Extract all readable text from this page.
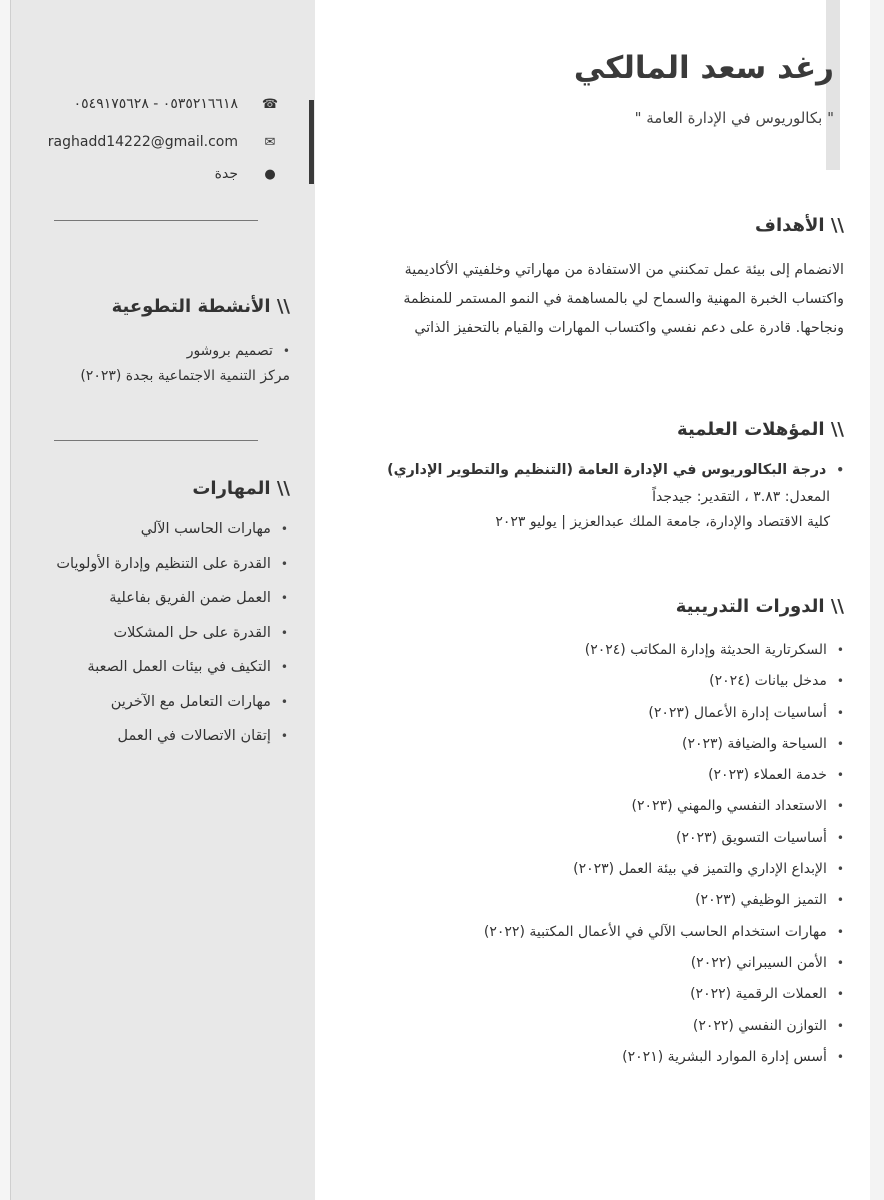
☎
٠٥٣٥٢١٦٦١٨ - ٠٥٤٩١٧٥٦٢٨
✉
raghadd14222@gmail.com
●
جدة
\\ الأنشطة التطوعية
•تصميم بروشور
مركز التنمية الاجتماعية بجدة (٢٠٢٣)
\\ المهارات
•مهارات الحاسب الآلي
•القدرة على التنظيم وإدارة الأولويات
•العمل ضمن الفريق بفاعلية
•القدرة على حل المشكلات
•التكيف في بيئات العمل الصعبة
•مهارات التعامل مع الآخرين
•إتقان الاتصالات في العمل
رغد سعد المالكي
" بكالوريوس في الإدارة العامة "
\\ الأهداف
الانضمام إلى بيئة عمل تمكنني من الاستفادة من مهاراتي وخلفيتي الأكاديمية واكتساب الخبرة المهنية والسماح لي بالمساهمة في النمو المستمر للمنظمة ونجاحها. قادرة على دعم نفسي واكتساب المهارات والقيام بالتحفيز الذاتي
\\ المؤهلات العلمية
•درجة البكالوريوس في الإدارة العامة (التنظيم والتطوير الإداري)
المعدل: ٣.٨٣ ، التقدير: جيدجداً
كلية الاقتصاد والإدارة، جامعة الملك عبدالعزيز | يوليو ٢٠٢٣
\\ الدورات التدريبية
•السكرتارية الحديثة وإدارة المكاتب (٢٠٢٤)
•مدخل بيانات (٢٠٢٤)
•أساسيات إدارة الأعمال (٢٠٢٣)
•السياحة والضيافة (٢٠٢٣)
•خدمة العملاء (٢٠٢٣)
•الاستعداد النفسي والمهني (٢٠٢٣)
•أساسيات التسويق (٢٠٢٣)
•الإبداع الإداري والتميز في بيئة العمل (٢٠٢٣)
•التميز الوظيفي (٢٠٢٣)
•مهارات استخدام الحاسب الآلي في الأعمال المكتبية (٢٠٢٢)
•الأمن السيبراني (٢٠٢٢)
•العملات الرقمية (٢٠٢٢)
•التوازن النفسي (٢٠٢٢)
•أسس إدارة الموارد البشرية (٢٠٢١)
